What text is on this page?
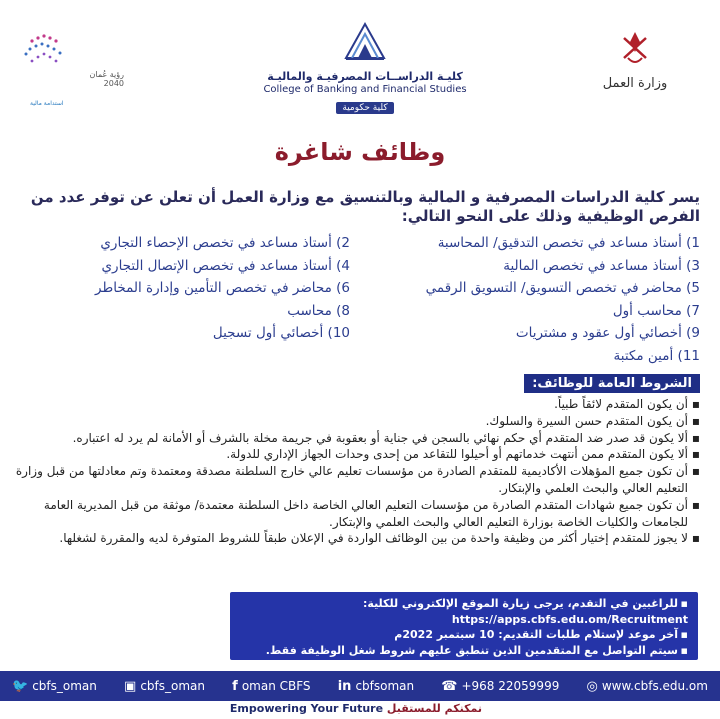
رؤية عُمان 2040
استدامة مالية
كليـة الدراســات المصرفيـة والماليـة
College of Banking and Financial Studies
كلية حكومية
وزارة العمل
وظائف شاغرة
يسر كلية الدراسات المصرفية و المالية وبالتنسيق مع وزارة العمل أن تعلن عن توفر عدد من الفرص الوظيفية وذلك على النحو التالي:
1) أستاذ مساعد في تخصص التدقيق/ المحاسبة
2) أستاذ مساعد في تخصص الإحصاء التجاري
3) أستاذ مساعد في تخصص المالية
4) أستاذ مساعد في تخصص الإتصال التجاري
5) محاضر في تخصص التسويق/ التسويق الرقمي
6) محاضر في تخصص التأمين وإدارة المخاطر
7) محاسب أول
8) محاسب
9) أخصائي أول عقود و مشتريات
10) أخصائي أول تسجيل
11) أمين مكتبة
الشروط العامة للوظائف:
▪ أن يكون المتقدم لائقاً طبياً.
▪ أن يكون المتقدم حسن السيرة والسلوك.
▪ ألا يكون قد صدر ضد المتقدم أي حكم نهائي بالسجن في جناية أو بعقوبة في جريمة مخلة بالشرف أو الأمانة لم يرد له اعتباره.
▪ ألا يكون المتقدم ممن أنتهت خدماتهم أو أحيلوا للتقاعد من إحدى وحدات الجهاز الإداري للدولة.
▪ أن تكون جميع المؤهلات الأكاديمية للمتقدم الصادرة من مؤسسات تعليم عالي خارج السلطنة مصدقة ومعتمدة وتم معادلتها من قبل وزارة التعليم العالي والبحث العلمي والإبتكار.
▪ أن تكون جميع شهادات المتقدم الصادرة من مؤسسات التعليم العالي الخاصة داخل السلطنة معتمدة/ موثقة من قبل المديرية العامة للجامعات والكليات الخاصة بوزارة التعليم العالي والبحث العلمي والإبتكار.
▪ لا يجوز للمتقدم إختيار أكثر من وظيفة واحدة من بين الوظائف الواردة في الإعلان طبقاً للشروط المتوفرة لديه والمقررة لشغلها.
▪ للراغبين في التقدم، يرجى زيارة الموقع الإلكتروني للكلية:
https://apps.cbfs.edu.om/Recruitment
▪ آخر موعد لإستلام طلبات التقديم: 10 سبتمبر 2022م
▪ سيتم التواصل مع المتقدمين الذين تنطبق عليهم شروط شغل الوظيفة فقط.
🐦 cbfs_oman ▣ cbfs_oman f oman CBFS in cbfsoman ☎ +968 22059999 ◎ www.cbfs.edu.om
Empowering Your Future نمكنكم للمستقبل
